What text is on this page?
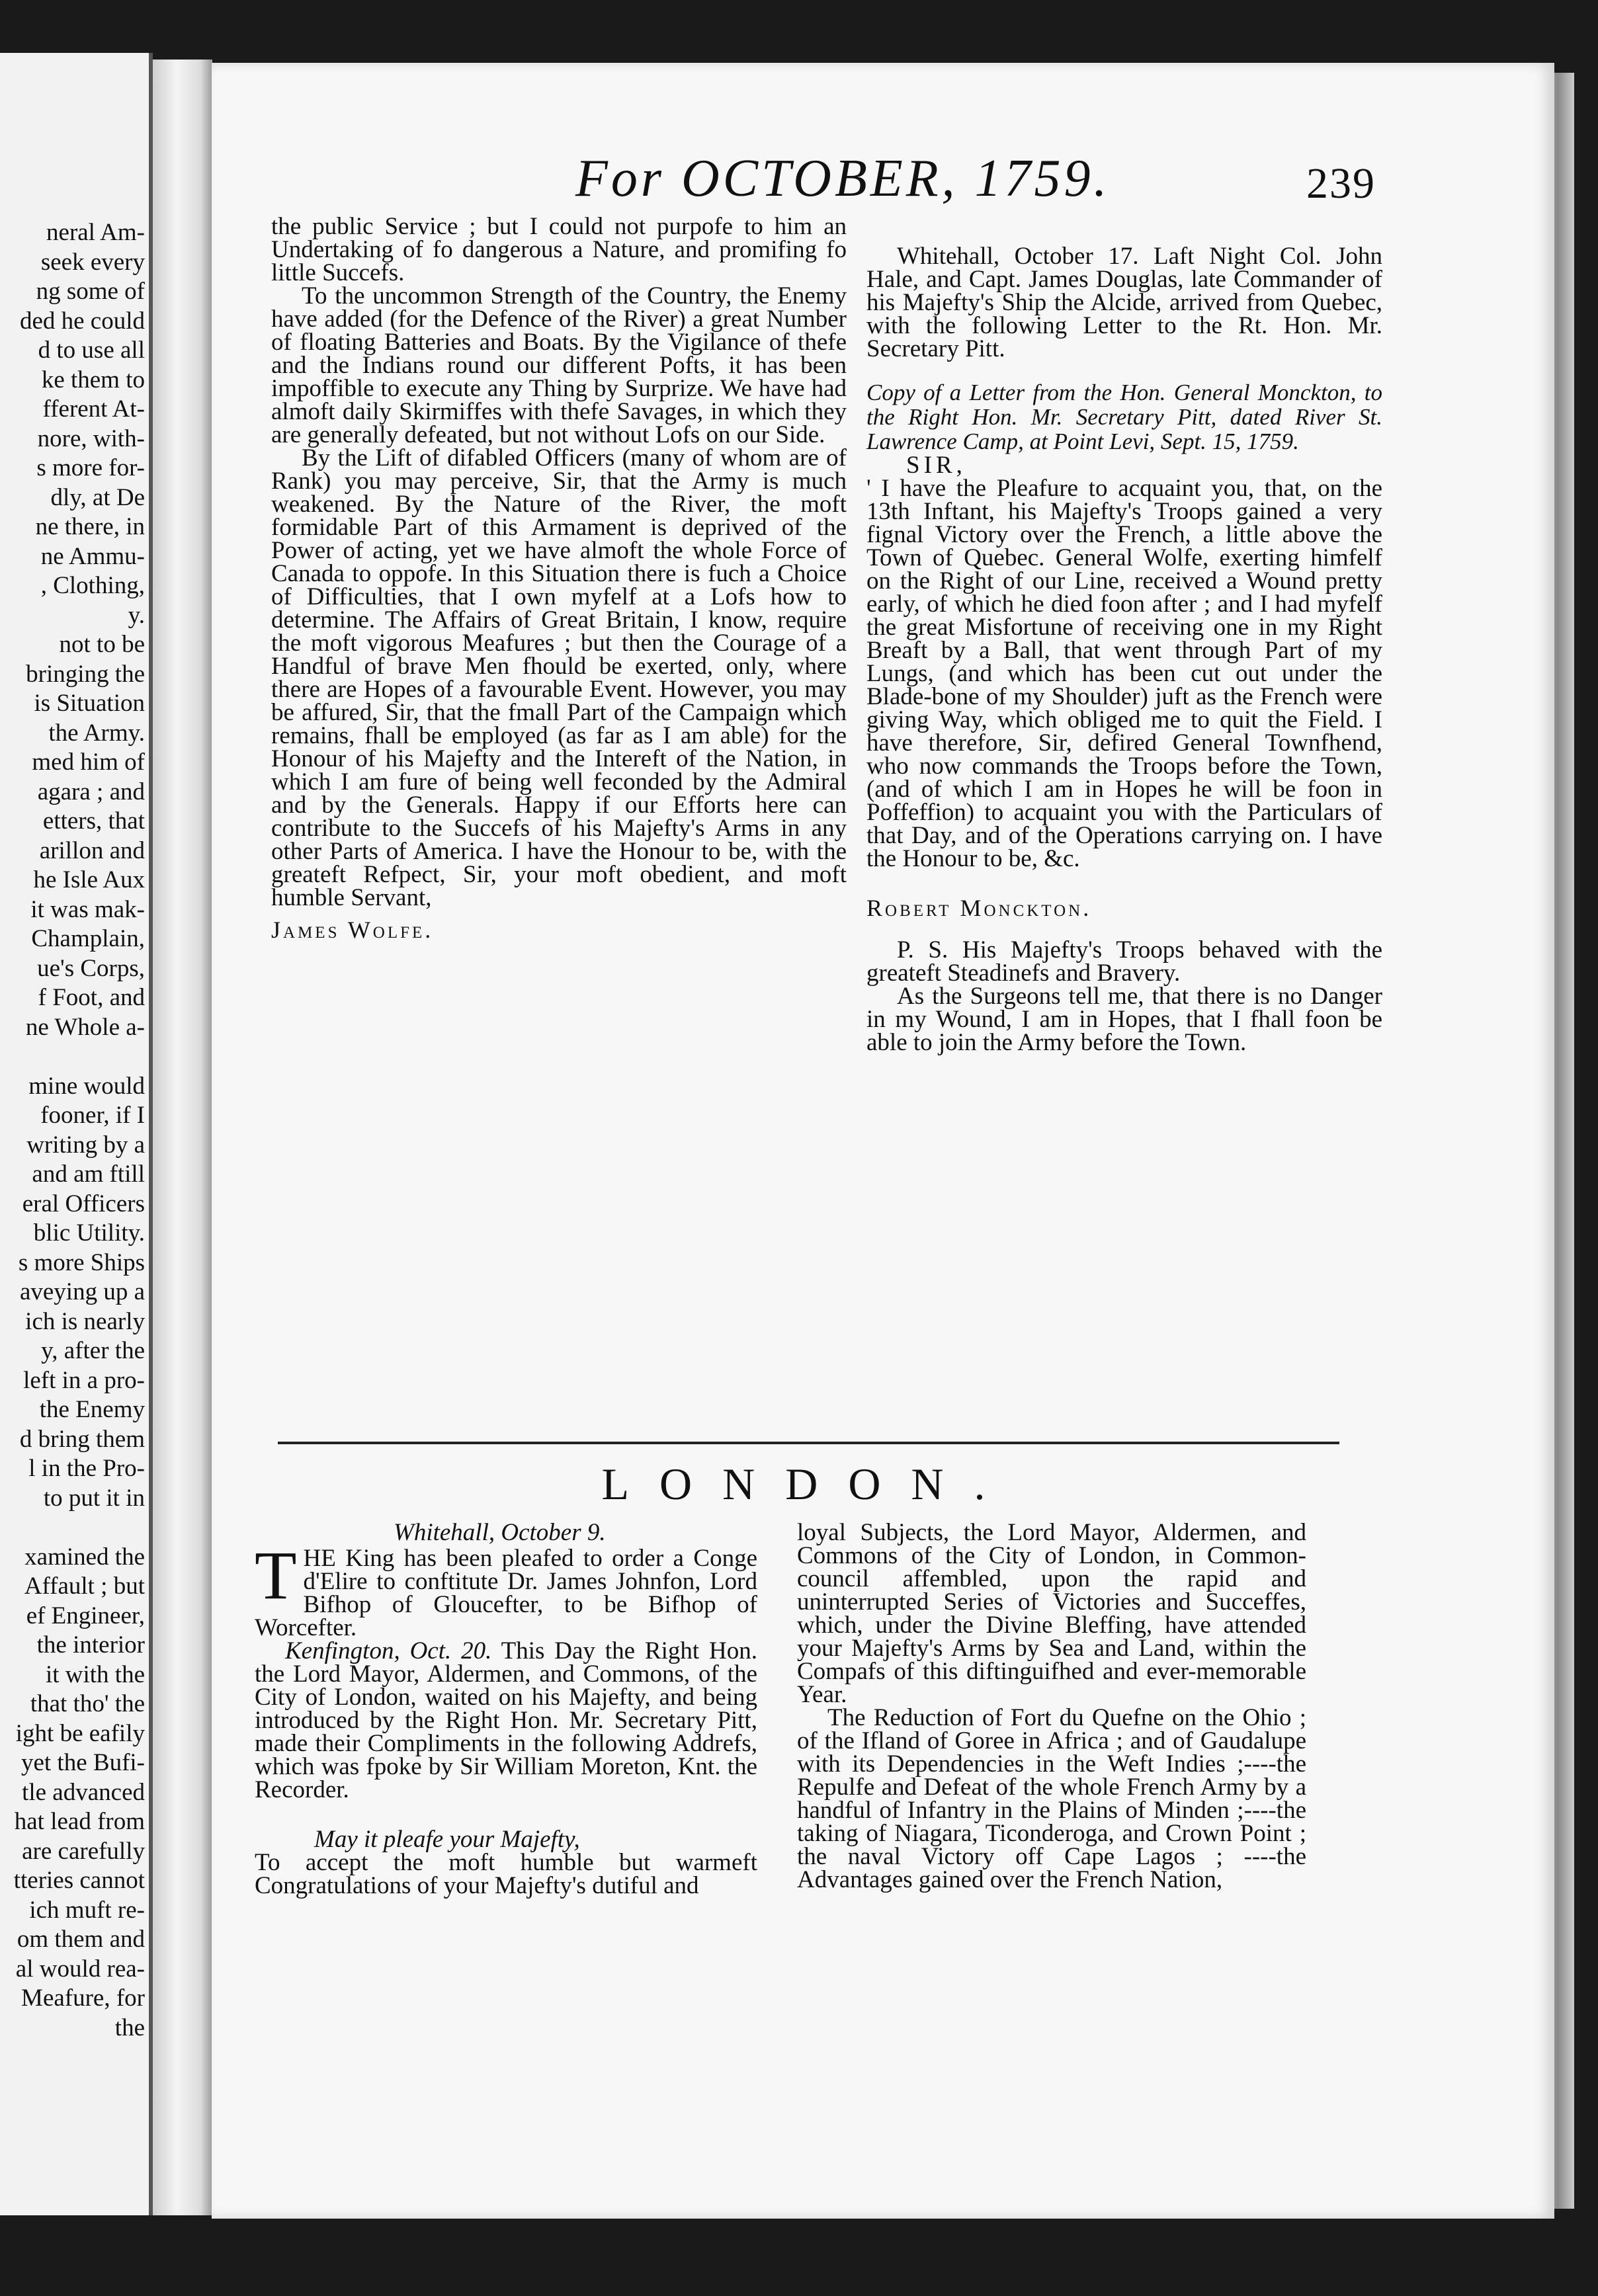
neral Am-
seek every
ng some of
ded he could
d to use all
ke them to
fferent At-
nore, with-
s more for-
dly, at De
ne there, in
ne Ammu-
, Clothing,
y.
not to be
bringing the
is Situation
the Army.
med him of
agara ; and
etters, that
arillon and
he Isle Aux
it was mak-
Champlain,
ue's Corps,
f Foot, and
ne Whole a-
mine would
fooner, if I
writing by a
and am ftill
eral Officers
blic Utility.
s more Ships
aveying up a
ich is nearly
y, after the
left in a pro-
the Enemy
d bring them
l in the Pro-
to put it in
xamined the
Affault ; but
ef Engineer,
the interior
it with the
that tho' the
ight be eafily
yet the Bufi-
tle advanced
hat lead from
are carefully
tteries cannot
ich muft re-
om them and
al would rea-
Meafure, for
the
For OCTOBER, 1759.	239

the public Service ; but I could not purpofe to him an Undertaking of fo dangerous a Nature, and promifing fo little Succefs.

To the uncommon Strength of the Country, the Enemy have added (for the Defence of the River) a great Number of floating Batteries and Boats. By the Vigilance of thefe and the Indians round our different Pofts, it has been impoffible to execute any Thing by Surprize. We have had almoft daily Skirmiffes with thefe Savages, in which they are generally defeated, but not without Lofs on our Side.

By the Lift of difabled Officers (many of whom are of Rank) you may perceive, Sir, that the Army is much weakened. By the Nature of the River, the moft formidable Part of this Armament is deprived of the Power of acting, yet we have almoft the whole Force of Canada to oppofe. In this Situation there is fuch a Choice of Difficulties, that I own myfelf at a Lofs how to determine. The Affairs of Great Britain, I know, require the moft vigorous Meafures ; but then the Courage of a Handful of brave Men fhould be exerted, only, where there are Hopes of a favourable Event. However, you may be affured, Sir, that the fmall Part of the Campaign which remains, fhall be employed (as far as I am able) for the Honour of his Majefty and the Intereft of the Nation, in which I am fure of being well feconded by the Admiral and by the Generals. Happy if our Efforts here can contribute to the Succefs of his Majefty's Arms in any other Parts of America. I have the Honour to be, with the greateft Refpect, Sir, your moft obedient, and moft humble Servant,

James Wolfe.

Whitehall, October 17. Laft Night Col. John Hale, and Capt. James Douglas, late Commander of his Majefty's Ship the Alcide, arrived from Quebec, with the following Letter to the Rt. Hon. Mr. Secretary Pitt.

Copy of a Letter from the Hon. General Monckton, to the Right Hon. Mr. Secretary Pitt, dated River St. Lawrence Camp, at Point Levi, Sept. 15, 1759.

SIR,

' I have the Pleafure to acquaint you, that, on the 13th Inftant, his Majefty's Troops gained a very fignal Victory over the French, a little above the Town of Quebec. General Wolfe, exerting himfelf on the Right of our Line, received a Wound pretty early, of which he died foon after ; and I had myfelf the great Misfortune of receiving one in my Right Breaft by a Ball, that went through Part of my Lungs, (and which has been cut out under the Blade-bone of my Shoulder) juft as the French were giving Way, which obliged me to quit the Field. I have therefore, Sir, defired General Townfhend, who now commands the Troops before the Town, (and of which I am in Hopes he will be foon in Poffeffion) to acquaint you with the Particulars of that Day, and of the Operations carrying on. I have the Honour to be, &c.

Robert Monckton.

P. S. His Majefty's Troops behaved with the greateft Steadinefs and Bravery.

As the Surgeons tell me, that there is no Danger in my Wound, I am in Hopes, that I fhall foon be able to join the Army before the Town.

LONDON.

Whitehall, October 9.

THE King has been pleafed to order a Conge d'Elire to conftitute Dr. James Johnfon, Lord Bifhop of Gloucefter, to be Bifhop of Worcefter.

Kenfington, Oct. 20. This Day the Right Hon. the Lord Mayor, Aldermen, and Commons, of the City of London, waited on his Majefty, and being introduced by the Right Hon. Mr. Secretary Pitt, made their Compliments in the following Addrefs, which was fpoke by Sir William Moreton, Knt. the Recorder.

May it pleafe your Majefty,

To accept the moft humble but warmeft Congratulations of your Majefty's dutiful and

loyal Subjects, the Lord Mayor, Aldermen, and Commons of the City of London, in Common-council affembled, upon the rapid and uninterrupted Series of Victories and Succeffes, which, under the Divine Bleffing, have attended your Majefty's Arms by Sea and Land, within the Compafs of this diftinguifhed and ever-memorable Year.

The Reduction of Fort du Quefne on the Ohio ; of the Ifland of Goree in Africa ; and of Gaudalupe with its Dependencies in the Weft Indies ;----the Repulfe and Defeat of the whole French Army by a handful of Infantry in the Plains of Minden ;----the taking of Niagara, Ticonderoga, and Crown Point ; the naval Victory off Cape Lagos ; ----the Advantages gained over the French Nation,
